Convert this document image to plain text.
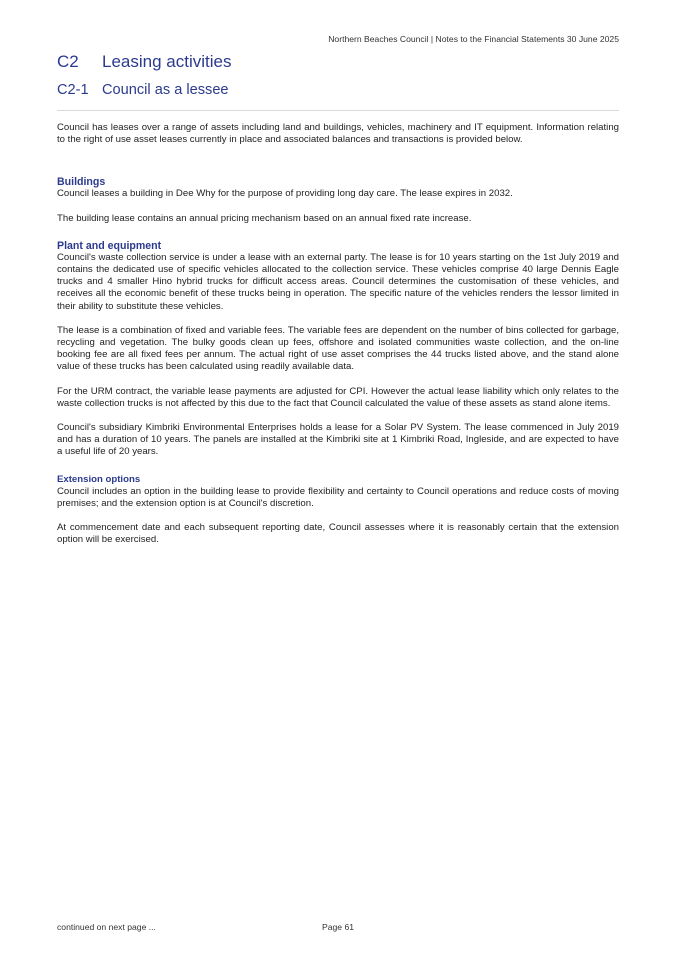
Northern Beaches Council | Notes to the Financial Statements 30 June 2025
C2 Leasing activities
C2-1 Council as a lessee

Council has leases over a range of assets including land and buildings, vehicles, machinery and IT equipment. Information relating to the right of use asset leases currently in place and associated balances and transactions is provided below.

Buildings

Council leases a building in Dee Why for the purpose of providing long day care. The lease expires in 2032.

The building lease contains an annual pricing mechanism based on an annual fixed rate increase.

Plant and equipment

Council's waste collection service is under a lease with an external party. The lease is for 10 years starting on the 1st July 2019 and contains the dedicated use of specific vehicles allocated to the collection service. These vehicles comprise 40 large Dennis Eagle trucks and 4 smaller Hino hybrid trucks for difficult access areas. Council determines the customisation of these vehicles, and receives all the economic benefit of these trucks being in operation. The specific nature of the vehicles renders the lessor limited in their ability to substitute these vehicles.

The lease is a combination of fixed and variable fees. The variable fees are dependent on the number of bins collected for garbage, recycling and vegetation. The bulky goods clean up fees, offshore and isolated communities waste collection, and the on-line booking fee are all fixed fees per annum. The actual right of use asset comprises the 44 trucks listed above, and the stand alone value of these trucks has been calculated using readily available data.

For the URM contract, the variable lease payments are adjusted for CPI. However the actual lease liability which only relates to the waste collection trucks is not affected by this due to the fact that Council calculated the value of these assets as stand alone items.

Council's subsidiary Kimbriki Environmental Enterprises holds a lease for a Solar PV System. The lease commenced in July 2019 and has a duration of 10 years. The panels are installed at the Kimbriki site at 1 Kimbriki Road, Ingleside, and are expected to have a useful life of 20 years.

Extension options

Council includes an option in the building lease to provide flexibility and certainty to Council operations and reduce costs of moving premises; and the extension option is at Council's discretion.

At commencement date and each subsequent reporting date, Council assesses where it is reasonably certain that the extension option will be exercised.

continued on next page ...	Page 61
